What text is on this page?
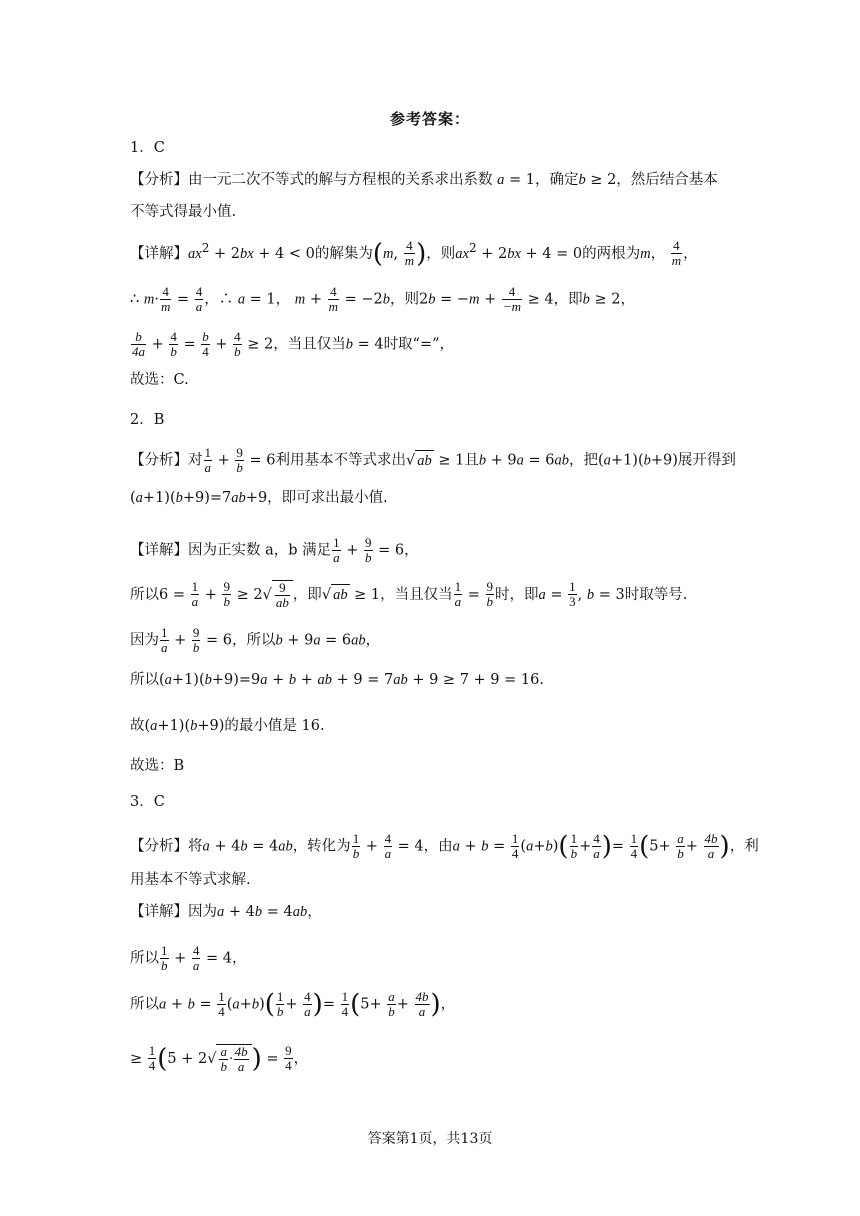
参考答案：
1．C
【分析】由一元二次不等式的解与方程根的关系求出系数 a = 1，确定b ≥ 2，然后结合基本
不等式得最小值.
【详解】$ax^2 + 2bx + 4 < 0$的解集为(m, $\frac{4}{m}$ )，则$ax^2 + 2bx + 4 = 0$的两根为m， $\frac{4}{m}$ ，
∴ $m\cdot \frac{4}{m} = \frac{4}{a}$ ，∴ a = 1， $m + \frac{4}{m} = -2b$，则$2b = -m + \frac{4}{-m} \ge 4$，即b ≥ 2，
$\frac{b}{4a} + \frac{4}{b} = \frac{b}{4} + \frac{4}{b} \ge 2$，当且仅当b = 4时取“=”，
故选：C.
2．B
【分析】对 $\frac{1}{a} + \frac{9}{b} = 6$利用基本不等式求出√ ab ≥ 1且b + 9a = 6ab，把(a+1)(b+9)展开得到
(a+1)(b+9)=7ab+9，即可求出最小值.
【详解】因为正实数 a，b 满足 $\frac{1}{a} + \frac{9}{b} = 6$，
所以$6 = \frac{1}{a} + \frac{9}{b} \ge 2√ \frac{9}{ab}$ ，即√ ab ≥ 1，当且仅当 $\frac{1}{a} = \frac{9}{b}$ 时，即$a = \frac{1}{3}$ , b = 3时取等号.
因为 $\frac{1}{a} + \frac{9}{b} = 6$，所以b + 9a = 6ab，
所以(a+1)(b+9)=9a + b + ab + 9 = 7ab + 9 ≥ 7 + 9 = 16.
故(a+1)(b+9)的最小值是 16.
故选：B
3．C
【分析】将a + 4b = 4ab，转化为 $\frac{1}{b} + \frac{4}{a} = 4$，由$a + b = \frac{1}{4} (a+b)( \frac{1}{b} + \frac{4}{a}$ )= $\frac{1}{4} (5+ \frac{a}{b} + \frac{4b}{a}$ )，利
用基本不等式求解.
【详解】因为a + 4b = 4ab，
所以 $\frac{1}{b} + \frac{4}{a} = 4$，
所以$a + b = \frac{1}{4} (a+b)( \frac{1}{b} + \frac{4}{a}$ )= $\frac{1}{4} (5+ \frac{a}{b} + \frac{4b}{a}$ )，
≥ $\frac{1}{4} (5 + 2√ \frac{a}{b} \cdot \frac{4b}{a}$ ) = $\frac{9}{4}$ ，
答案第1页，共13页
